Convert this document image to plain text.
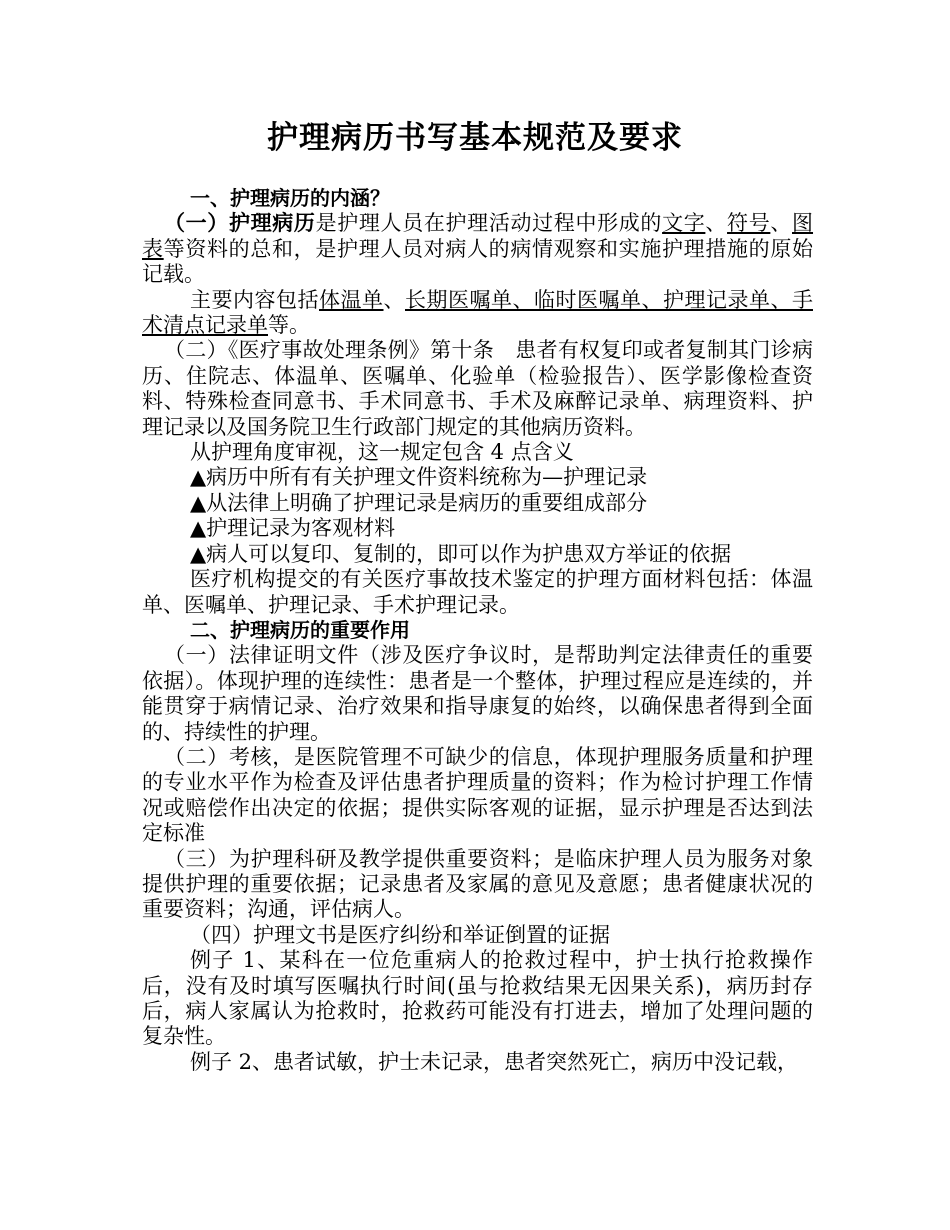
护理病历书写基本规范及要求

一、护理病历的内涵？

（一）护理病历是护理人员在护理活动过程中形成的文字、符号、图表等资料的总和，是护理人员对病人的病情观察和实施护理措施的原始记载。

主要内容包括体温单、长期医嘱单、临时医嘱单、护理记录单、手术清点记录单等。

（二）《医疗事故处理条例》第十条　患者有权复印或者复制其门诊病历、住院志、体温单、医嘱单、化验单（检验报告）、医学影像检查资料、特殊检查同意书、手术同意书、手术及麻醉记录单、病理资料、护理记录以及国务院卫生行政部门规定的其他病历资料。

从护理角度审视，这一规定包含 4 点含义

▲病历中所有有关护理文件资料统称为—护理记录

▲从法律上明确了护理记录是病历的重要组成部分

▲护理记录为客观材料

▲病人可以复印、复制的，即可以作为护患双方举证的依据

医疗机构提交的有关医疗事故技术鉴定的护理方面材料包括：体温单、医嘱单、护理记录、手术护理记录。

二、护理病历的重要作用

（一）法律证明文件（涉及医疗争议时，是帮助判定法律责任的重要依据）。体现护理的连续性：患者是一个整体，护理过程应是连续的，并能贯穿于病情记录、治疗效果和指导康复的始终，以确保患者得到全面的、持续性的护理。

（二）考核，是医院管理不可缺少的信息，体现护理服务质量和护理的专业水平作为检查及评估患者护理质量的资料；作为检讨护理工作情况或赔偿作出决定的依据；提供实际客观的证据，显示护理是否达到法定标准

（三）为护理科研及教学提供重要资料；是临床护理人员为服务对象提供护理的重要依据；记录患者及家属的意见及意愿；患者健康状况的重要资料；沟通，评估病人。

（四）护理文书是医疗纠纷和举证倒置的证据

例子 1、某科在一位危重病人的抢救过程中，护士执行抢救操作后，没有及时填写医嘱执行时间(虽与抢救结果无因果关系)，病历封存后，病人家属认为抢救时，抢救药可能没有打进去，增加了处理问题的复杂性。

例子 2、患者试敏，护士未记录，患者突然死亡，病历中没记载，
